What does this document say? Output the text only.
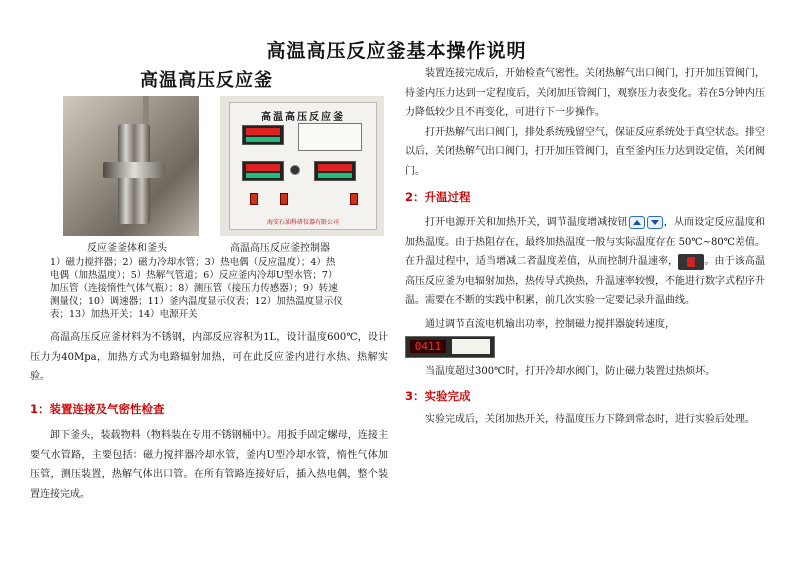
高温高压反应釜基本操作说明
高温高压反应釜
高温高压反应釜
海安石油科研仪器有限公司
反应釜釜体和釜头	高温高压反应釜控制器
1）磁力搅拌器；2）磁力冷却水管；3）热电偶（反应温度）；4）热
电偶（加热温度）；5）热解气管道；6）反应釜内冷却U型水管；7）
加压管（连接惰性气体气瓶）；8）测压管（接压力传感器）；9）转速
测量仪；10）调速器；11）釜内温度显示仪表；12）加热温度显示仪
表；13）加热开关；14）电源开关

高温高压反应釜材料为不锈钢，内部反应容积为1L，设计温度600℃，设计压力为40Mpa，加热方式为电路辐射加热，可在此反应釜内进行水热、热解实验。

1：装置连接及气密性检查

卸下釜头，装载物料（物料装在专用不锈钢桶中）。用扳手固定螺母，连接主要气水管路，主要包括：磁力搅拌器冷却水管，釜内U型冷却水管，惰性气体加压管，测压装置，热解气体出口管。在所有管路连接好后，插入热电偶，整个装置连接完成。

装置连接完成后，开始检查气密性。关闭热解气出口阀门，打开加压管阀门，待釜内压力达到一定程度后，关闭加压管阀门，观察压力表变化。若在5分钟内压力降低较少且不再变化，可进行下一步操作。

打开热解气出口阀门，排处系统残留空气，保证反应系统处于真空状态。排空以后，关闭热解气出口阀门，打开加压管阀门，直至釜内压力达到设定值，关闭阀门。

2：升温过程

打开电源开关和加热开关，调节温度增减按钮	，从而设定反应温度和加热温度。由于热阻存在，最终加热温度一般与实际温度存在 50℃~80℃差值。在升温过程中，适当增减二者温度差值，从而控制升温速率，	。由于该高温高压反应釜为电辐射加热，热传导式换热，升温速率较慢，不能进行数字式程序升温。需要在不断的实践中积累，前几次实验一定要记录升温曲线。

通过调节直流电机输出功率，控制磁力搅拌器旋转速度，

0411

当温度超过300℃时，打开冷却水阀门，防止磁力装置过热烦坏。

3：实验完成

实验完成后，关闭加热开关，待温度压力下降到常态时，进行实验后处理。
